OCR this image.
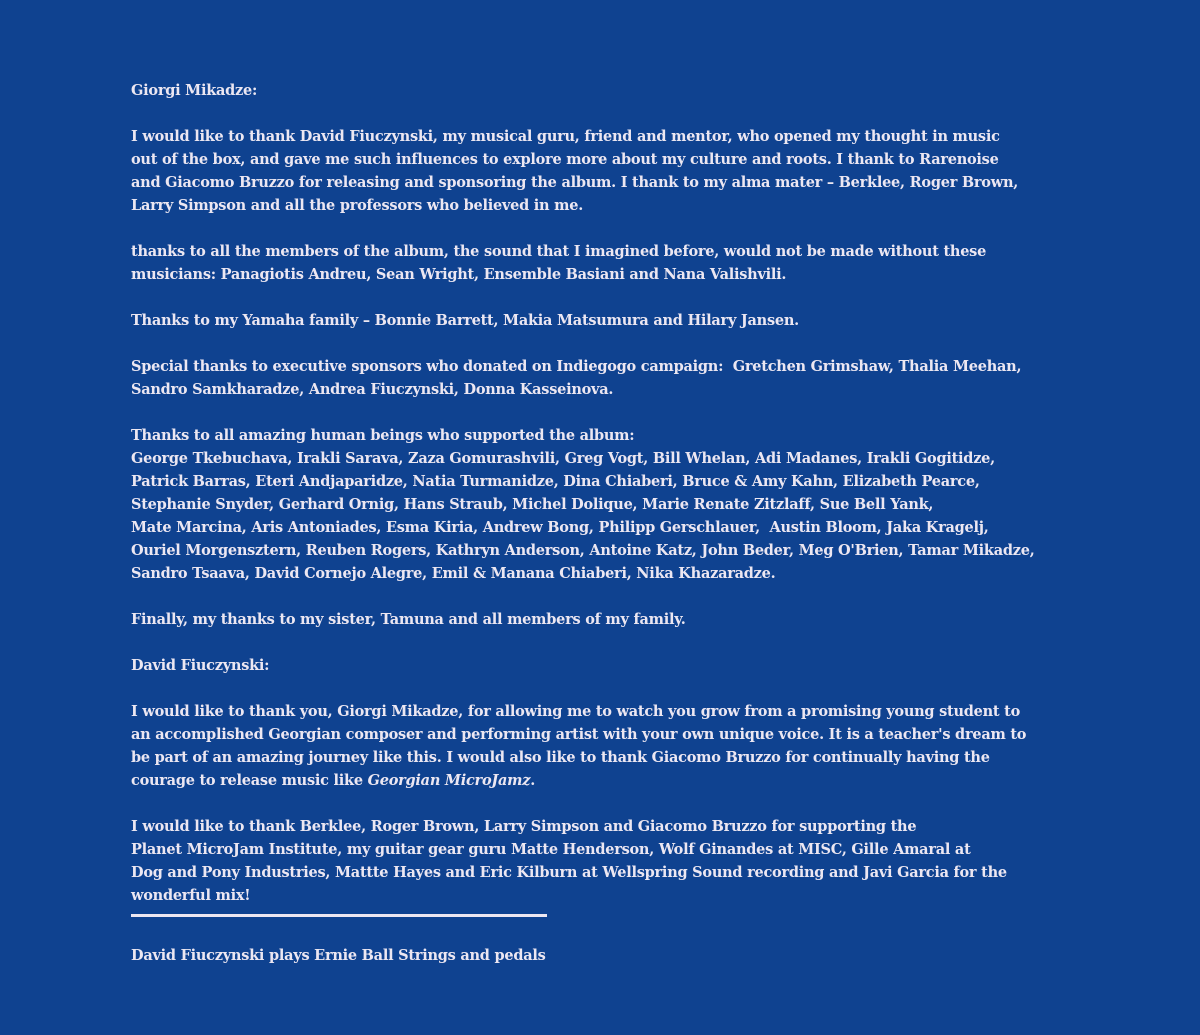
Giorgi Mikadze:
I would like to thank David Fiuczynski, my musical guru, friend and mentor, who opened my thought in music
out of the box, and gave me such influences to explore more about my culture and roots. I thank to Rarenoise
and Giacomo Bruzzo for releasing and sponsoring the album. I thank to my alma mater – Berklee, Roger Brown,
Larry Simpson and all the professors who believed in me.
thanks to all the members of the album, the sound that I imagined before, would not be made without these
musicians: Panagiotis Andreu, Sean Wright, Ensemble Basiani and Nana Valishvili.
Thanks to my Yamaha family – Bonnie Barrett, Makia Matsumura and Hilary Jansen.
Special thanks to executive sponsors who donated on Indiegogo campaign:  Gretchen Grimshaw, Thalia Meehan,
Sandro Samkharadze, Andrea Fiuczynski, Donna Kasseinova.
Thanks to all amazing human beings who supported the album:
George Tkebuchava, Irakli Sarava, Zaza Gomurashvili, Greg Vogt, Bill Whelan, Adi Madanes, Irakli Gogitidze,
Patrick Barras, Eteri Andjaparidze, Natia Turmanidze, Dina Chiaberi, Bruce & Amy Kahn, Elizabeth Pearce,
Stephanie Snyder, Gerhard Ornig, Hans Straub, Michel Dolique, Marie Renate Zitzlaff, Sue Bell Yank,
Mate Marcina, Aris Antoniades, Esma Kiria, Andrew Bong, Philipp Gerschlauer,  Austin Bloom, Jaka Kragelj,
Ouriel Morgensztern, Reuben Rogers, Kathryn Anderson, Antoine Katz, John Beder, Meg O'Brien, Tamar Mikadze,
Sandro Tsaava, David Cornejo Alegre, Emil & Manana Chiaberi, Nika Khazaradze.
Finally, my thanks to my sister, Tamuna and all members of my family.
David Fiuczynski:
I would like to thank you, Giorgi Mikadze, for allowing me to watch you grow from a promising young student to
an accomplished Georgian composer and performing artist with your own unique voice. It is a teacher's dream to
be part of an amazing journey like this. I would also like to thank Giacomo Bruzzo for continually having the
courage to release music like Georgian MicroJamz.
I would like to thank Berklee, Roger Brown, Larry Simpson and Giacomo Bruzzo for supporting the
Planet MicroJam Institute, my guitar gear guru Matte Henderson, Wolf Ginandes at MISC, Gille Amaral at
Dog and Pony Industries, Mattte Hayes and Eric Kilburn at Wellspring Sound recording and Javi Garcia for the
wonderful mix!
David Fiuczynski plays Ernie Ball Strings and pedals
